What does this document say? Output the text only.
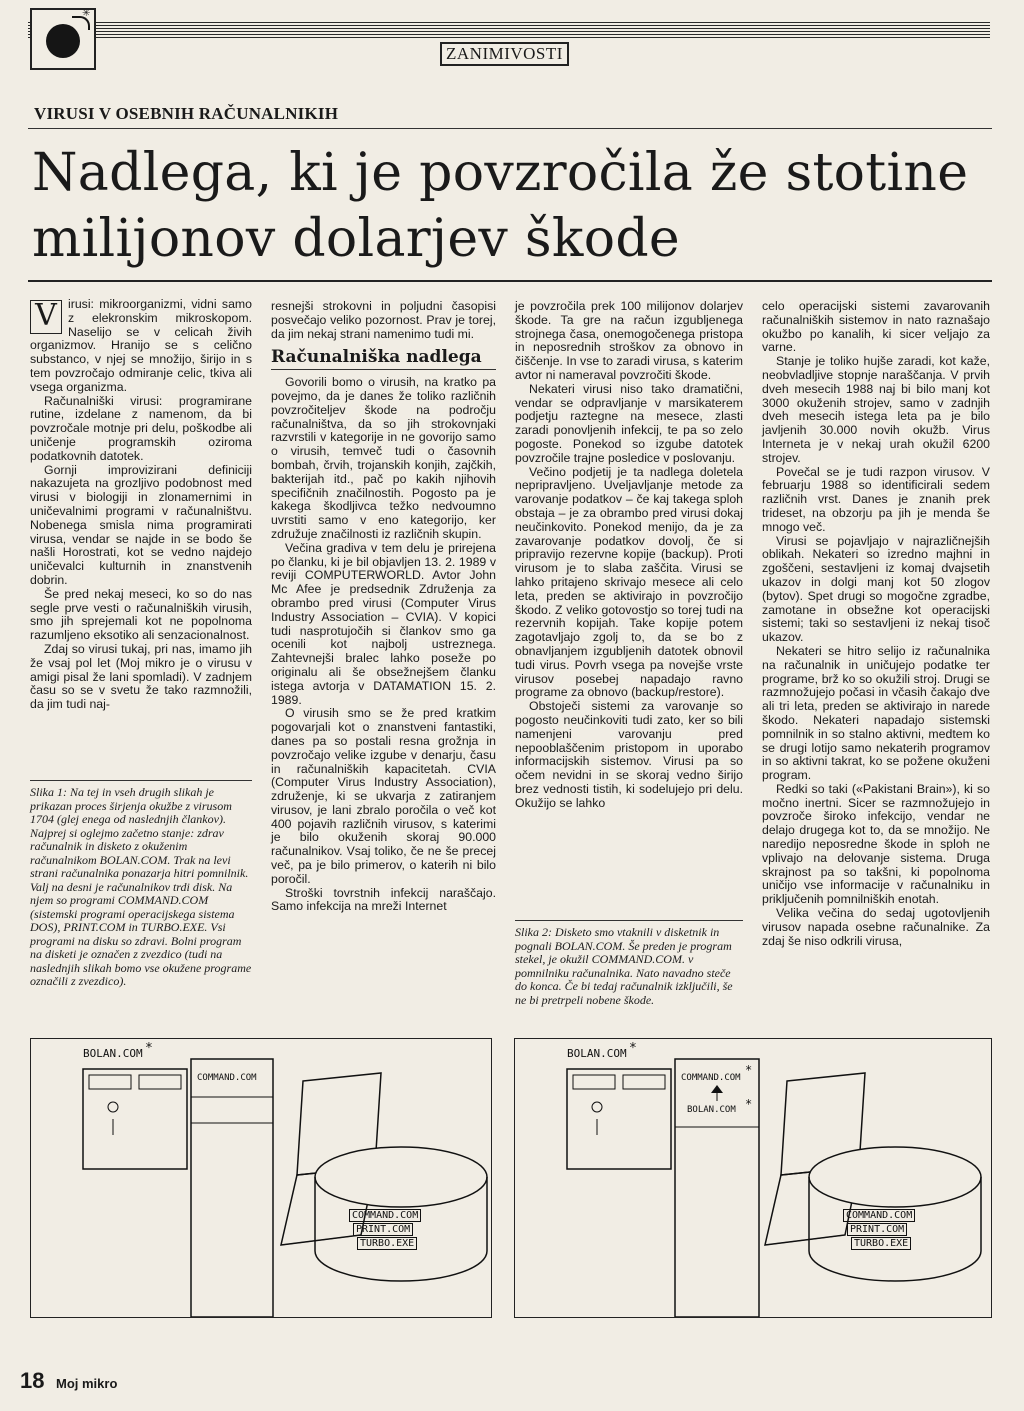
✳
ZANIMIVOSTI
VIRUSI V OSEBNIH RAČUNALNIKIH
Nadlega, ki je povzročila že stotine milijonov dolarjev škode
V irusi: mikroorganizmi, vidni samo z elekronskim mikroskopom. Naselijo se v celicah živih organizmov. Hranijo se s celično substanco, v njej se množijo, širijo in s tem povzročajo odmiranje celic, tkiva ali vsega organizma.

Računalniški virusi: programirane rutine, izdelane z namenom, da bi povzročale motnje pri delu, poškodbe ali uničenje programskih oziroma podatkovnih datotek.

Gornji improvizirani definiciji nakazujeta na grozljivo podobnost med virusi v biologiji in zlonamernimi in uničevalnimi programi v računalništvu. Nobenega smisla nima programirati virusa, vendar se najde in se bodo še našli Horostrati, kot se vedno najdejo uničevalci kulturnih in znanstvenih dobrin.

Še pred nekaj meseci, ko so do nas segle prve vesti o računalniških virusih, smo jih sprejemali kot ne popolnoma razumljeno eksotiko ali senzacionalnost.

Zdaj so virusi tukaj, pri nas, imamo jih že vsaj pol let (Moj mikro je o virusu v amigi pisal že lani spomladi). V zadnjem času so se v svetu že tako razmnožili, da jim tudi naj-

Slika 1: Na tej in vseh drugih slikah je prikazan proces širjenja okužbe z virusom 1704 (glej enega od naslednjih člankov). Najprej si oglejmo začetno stanje: zdrav računalnik in disketo z okuženim računalnikom BOLAN.COM. Trak na levi strani računalnika ponazarja hitri pomnilnik. Valj na desni je računalnikov trdi disk. Na njem so programi COMMAND.COM (sistemski programi operacijskega sistema DOS), PRINT.COM in TURBO.EXE. Vsi programi na disku so zdravi. Bolni program na disketi je označen z zvezdico (tudi na naslednjih slikah bomo vse okužene programe označili z zvezdico).

resnejši strokovni in poljudni časopisi posvečajo veliko pozornost. Prav je torej, da jim nekaj strani namenimo tudi mi.

Računalniška nadlega

Govorili bomo o virusih, na kratko pa povejmo, da je danes že toliko različnih povzročiteljev škode na področju računalništva, da so jih strokovnjaki razvrstili v kategorije in ne govorijo samo o virusih, temveč tudi o časovnih bombah, črvih, trojanskih konjih, zajčkih, bakterijah itd., pač po kakih njihovih specifičnih značilnostih. Pogosto pa je kakega škodljivca težko nedvoumno uvrstiti samo v eno kategorijo, ker združuje značilnosti iz različnih skupin.

Večina gradiva v tem delu je prirejena po članku, ki je bil objavljen 13. 2. 1989 v reviji COMPUTERWORLD. Avtor John Mc Afee je predsednik Združenja za obrambo pred virusi (Computer Virus Industry Association – CVIA). V kopici tudi nasprotujočih si člankov smo ga ocenili kot najbolj ustreznega. Zahtevnejši bralec lahko poseže po originalu ali še obsežnejšem članku istega avtorja v DATAMATION 15. 2. 1989.

O virusih smo se že pred kratkim pogovarjali kot o znanstveni fantastiki, danes pa so postali resna grožnja in povzročajo velike izgube v denarju, času in računalniških kapacitetah. CVIA (Computer Virus Industry Association), združenje, ki se ukvarja z zatiranjem virusov, je lani zbralo poročila o več kot 400 pojavih različnih virusov, s katerimi je bilo okuženih skoraj 90.000 računalnikov. Vsaj toliko, če ne še precej več, pa je bilo primerov, o katerih ni bilo poročil.

Stroški tovrstnih infekcij naraščajo. Samo infekcija na mreži Internet

je povzročila prek 100 milijonov dolarjev škode. Ta gre na račun izgubljenega strojnega časa, onemogočenega pristopa in neposrednih stroškov za obnovo in čiščenje. In vse to zaradi virusa, s katerim avtor ni nameraval povzročiti škode.

Nekateri virusi niso tako dramatični, vendar se odpravljanje v marsikaterem podjetju raztegne na mesece, zlasti zaradi ponovljenih infekcij, te pa so zelo pogoste. Ponekod so izgube datotek povzročile trajne posledice v poslovanju.

Večino podjetij je ta nadlega doletela nepripravljeno. Uveljavljanje metode za varovanje podatkov – če kaj takega sploh obstaja – je za obrambo pred virusi dokaj neučinkovito. Ponekod menijo, da je za zavarovanje podatkov dovolj, če si pripravijo rezervne kopije (backup). Proti virusom je to slaba zaščita. Virusi se lahko pritajeno skrivajo mesece ali celo leta, preden se aktivirajo in povzročijo škodo. Z veliko gotovostjo so torej tudi na rezervnih kopijah. Take kopije potem zagotavljajo zgolj to, da se bo z obnavljanjem izgubljenih datotek obnovil tudi virus. Povrh vsega pa novejše vrste virusov posebej napadajo ravno programe za obnovo (backup/restore).

Obstoječi sistemi za varovanje so pogosto neučinkoviti tudi zato, ker so bili namenjeni varovanju pred nepooblaščenim pristopom in uporabo informacijskih sistemov. Virusi pa so očem nevidni in se skoraj vedno širijo brez vednosti tistih, ki sodelujejo pri delu. Okužijo se lahko

Slika 2: Disketo smo vtaknili v disketnik in pognali BOLAN.COM. Še preden je program stekel, je okužil COMMAND.COM. v pomnilniku računalnika. Nato navadno steče do konca. Če bi tedaj računalnik izključili, še ne bi pretrpeli nobene škode.

celo operacijski sistemi zavarovanih računalniških sistemov in nato raznašajo okužbo po kanalih, ki sicer veljajo za varne.

Stanje je toliko hujše zaradi, kot kaže, neobvladljive stopnje naraščanja. V prvih dveh mesecih 1988 naj bi bilo manj kot 3000 okuženih strojev, samo v zadnjih dveh mesecih istega leta pa je bilo javljenih 30.000 novih okužb. Virus Interneta je v nekaj urah okužil 6200 strojev.

Povečal se je tudi razpon virusov. V februarju 1988 so identificirali sedem različnih vrst. Danes je znanih prek trideset, na obzorju pa jih je menda še mnogo več.

Virusi se pojavljajo v najrazličnejših oblikah. Nekateri so izredno majhni in zgoščeni, sestavljeni iz komaj dvajsetih ukazov in dolgi manj kot 50 zlogov (bytov). Spet drugi so mogočne zgradbe, zamotane in obsežne kot operacijski sistemi; taki so sestavljeni iz nekaj tisoč ukazov.

Nekateri se hitro selijo iz računalnika na računalnik in uničujejo podatke ter programe, brž ko so okužili stroj. Drugi se razmnožujejo počasi in včasih čakajo dve ali tri leta, preden se aktivirajo in narede škodo. Nekateri napadajo sistemski pomnilnik in so stalno aktivni, medtem ko se drugi lotijo samo nekaterih programov in so aktivni takrat, ko se požene okuženi program.

Redki so taki («Pakistani Brain»), ki so močno inertni. Sicer se razmnožujejo in povzroče široko infekcijo, vendar ne delajo drugega kot to, da se množijo. Ne naredijo neposredne škode in sploh ne vplivajo na delovanje sistema. Druga skrajnost pa so takšni, ki popolnoma uničijo vse informacije v računalniku in priključenih pomnilniških enotah.

Velika večina do sedaj ugotovljenih virusov napada osebne računalnike. Za zdaj še niso odkrili virusa,

BOLAN.COM *
COMMAND.COM
COMMAND.COM
PRINT.COM
TURBO.EXE
BOLAN.COM *
COMMAND.COM
*
BOLAN.COM *
COMMAND.COM
PRINT.COM
TURBO.EXE
18 Moj mikro
